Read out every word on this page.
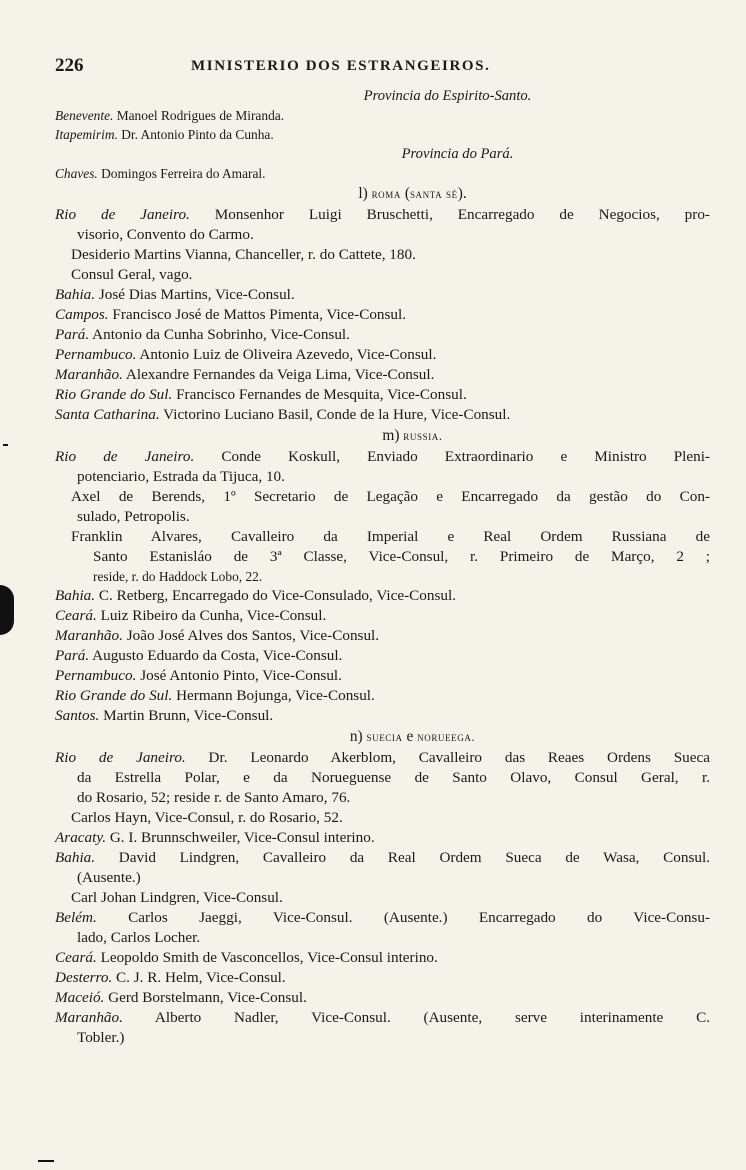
226	MINISTERIO DOS ESTRANGEIROS.
Provincia do Espirito-Santo.
Benevente. Manoel Rodrigues de Miranda.
Itapemirim. Dr. Antonio Pinto da Cunha.
Provincia do Pará.
Chaves. Domingos Ferreira do Amaral.
l) roma (santa sé).
Rio de Janeiro. Monsenhor Luigi Bruschetti, Encarregado de Negocios, pro-
visorio, Convento do Carmo.
Desiderio Martins Vianna, Chanceller, r. do Cattete, 180.
Consul Geral, vago.
Bahia. José Dias Martins, Vice-Consul.
Campos. Francisco José de Mattos Pimenta, Vice-Consul.
Pará. Antonio da Cunha Sobrinho, Vice-Consul.
Pernambuco. Antonio Luiz de Oliveira Azevedo, Vice-Consul.
Maranhão. Alexandre Fernandes da Veiga Lima, Vice-Consul.
Rio Grande do Sul. Francisco Fernandes de Mesquita, Vice-Consul.
Santa Catharina. Victorino Luciano Basil, Conde de la Hure, Vice-Consul.
m) russia.
Rio de Janeiro. Conde Koskull, Enviado Extraordinario e Ministro Pleni-
potenciario, Estrada da Tijuca, 10.
Axel de Berends, 1º Secretario de Legação e Encarregado da gestão do Con-
sulado, Petropolis.
Franklin Alvares, Cavalleiro da Imperial e Real Ordem Russiana de
Santo Estanisláo de 3ª Classe, Vice-Consul, r. Primeiro de Março, 2 ;
reside, r. do Haddock Lobo, 22.
Bahia. C. Retberg, Encarregado do Vice-Consulado, Vice-Consul.
Ceará. Luiz Ribeiro da Cunha, Vice-Consul.
Maranhão. João José Alves dos Santos, Vice-Consul.
Pará. Augusto Eduardo da Costa, Vice-Consul.
Pernambuco. José Antonio Pinto, Vice-Consul.
Rio Grande do Sul. Hermann Bojunga, Vice-Consul.
Santos. Martin Brunn, Vice-Consul.
n) suecia e norueega.
Rio de Janeiro. Dr. Leonardo Akerblom, Cavalleiro das Reaes Ordens Sueca
da Estrella Polar, e da Norueguense de Santo Olavo, Consul Geral, r.
do Rosario, 52; reside r. de Santo Amaro, 76.
Carlos Hayn, Vice-Consul, r. do Rosario, 52.
Aracaty. G. I. Brunnschweiler, Vice-Consul interino.
Bahia. David Lindgren, Cavalleiro da Real Ordem Sueca de Wasa, Consul.
(Ausente.)
Carl Johan Lindgren, Vice-Consul.
Belém. Carlos Jaeggi, Vice-Consul. (Ausente.) Encarregado do Vice-Consu-
lado, Carlos Locher.
Ceará. Leopoldo Smith de Vasconcellos, Vice-Consul interino.
Desterro. C. J. R. Helm, Vice-Consul.
Maceió. Gerd Borstelmann, Vice-Consul.
Maranhão. Alberto Nadler, Vice-Consul. (Ausente, serve interinamente C.
Tobler.)
